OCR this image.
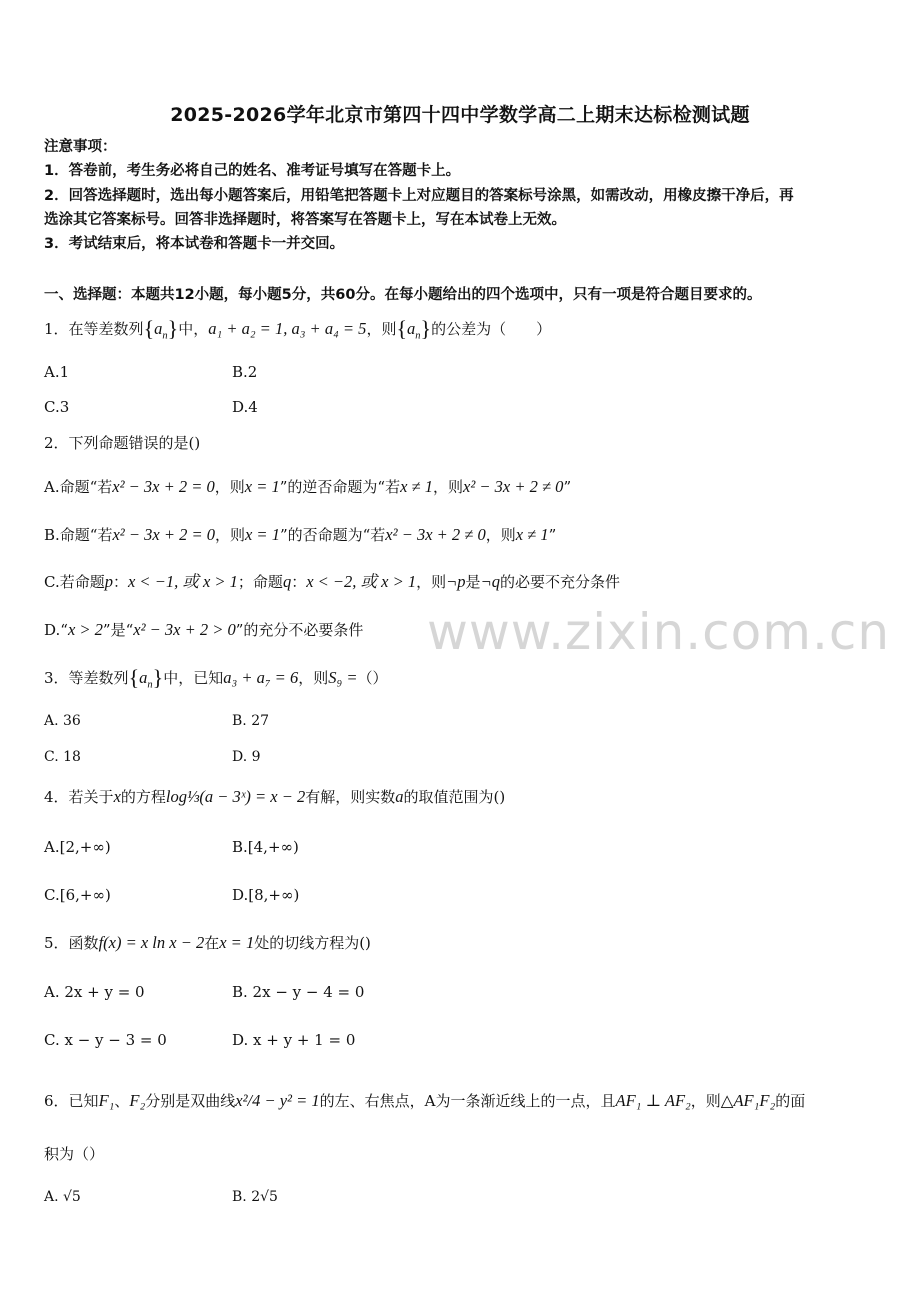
2025-2026学年北京市第四十四中学数学高二上期末达标检测试题
注意事项：
1．答卷前，考生务必将自己的姓名、准考证号填写在答题卡上。
2．回答选择题时，选出每小题答案后，用铅笔把答题卡上对应题目的答案标号涂黑，如需改动，用橡皮擦干净后，再
选涂其它答案标号。回答非选择题时，将答案写在答题卡上，写在本试卷上无效。
3．考试结束后，将本试卷和答题卡一并交回。
一、选择题：本题共12小题，每小题5分，共60分。在每小题给出的四个选项中，只有一项是符合题目要求的。
1．在等差数列$\{a_n\}$中，a₁ + a₂ = 1, a₃ + a₄ = 5，则$\{a_n\}$的公差为（　　）
A.1	B.2
C.3	D.4
2．下列命题错误的是()
A.命题“若x² − 3x + 2 = 0，则x = 1”的逆否命题为“若x ≠ 1，则x² − 3x + 2 ≠ 0”
B.命题“若x² − 3x + 2 = 0，则x = 1”的否命题为“若x² − 3x + 2 ≠ 0，则x ≠ 1”
C.若命题p：x < −1, 或 x > 1；命题q：x < −2, 或 x > 1，则¬p是¬q的必要不充分条件
D.“x > 2”是“x² − 3x + 2 > 0”的充分不必要条件
3．等差数列$\{a_n\}$中，已知a₃ + a₇ = 6，则S₉ =（）
A. 36	B. 27
C. 18	D. 9
4．若关于x的方程log⅓(a − 3ˣ) = x − 2有解，则实数a的取值范围为()
A.[2,+∞)	B.[4,+∞)
C.[6,+∞)	D.[8,+∞)
5．函数f(x) = x ln x − 2在x = 1处的切线方程为()
A. 2x + y = 0	B. 2x − y − 4 = 0
C. x − y − 3 = 0	D. x + y + 1 = 0
6．已知F₁、F₂分别是双曲线x²/4 − y² = 1的左、右焦点，A为一条渐近线上的一点，且AF₁ ⊥ AF₂，则△AF₁F₂的面
积为（）
A. √5	B. 2√5
www.zixin.com.cn
